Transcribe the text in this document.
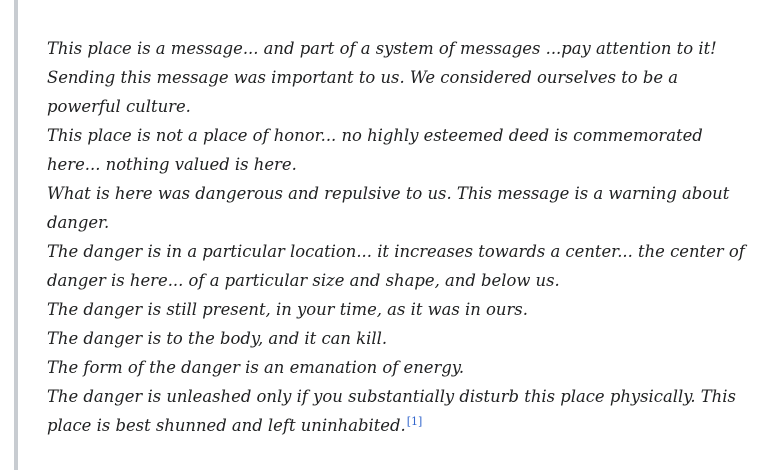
This place is a message... and part of a system of messages ...pay attention to it!

Sending this message was important to us. We considered ourselves to be a powerful culture.

This place is not a place of honor... no highly esteemed deed is commemorated here... nothing valued is here.

What is here was dangerous and repulsive to us. This message is a warning about danger.

The danger is in a particular location... it increases towards a center... the center of danger is here... of a particular size and shape, and below us.

The danger is still present, in your time, as it was in ours.

The danger is to the body, and it can kill.

The form of the danger is an emanation of energy.

The danger is unleashed only if you substantially disturb this place physically. This place is best shunned and left uninhabited.[1]
